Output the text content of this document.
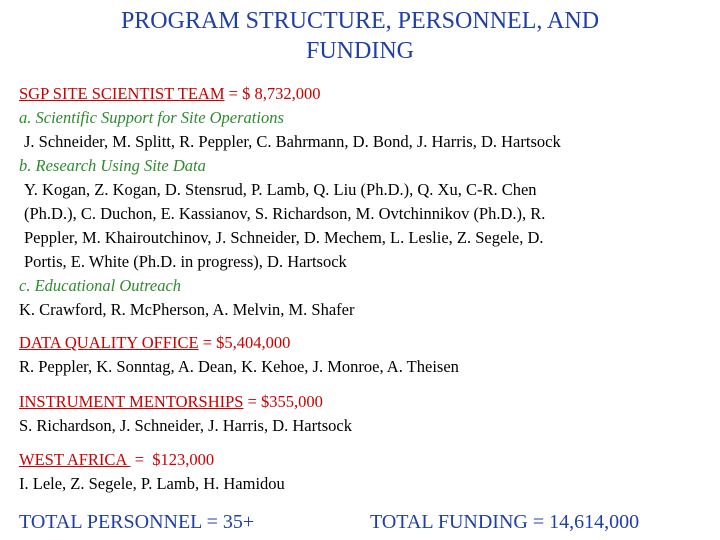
PROGRAM STRUCTURE, PERSONNEL, AND
FUNDING
SGP SITE SCIENTIST TEAM = $ 8,732,000
a. Scientific Support for Site Operations
J. Schneider, M. Splitt, R. Peppler, C. Bahrmann, D. Bond, J. Harris, D. Hartsock
b. Research Using Site Data
Y. Kogan, Z. Kogan, D. Stensrud, P. Lamb, Q. Liu (Ph.D.), Q. Xu, C-R. Chen
(Ph.D.), C. Duchon, E. Kassianov, S. Richardson, M. Ovtchinnikov (Ph.D.), R.
Peppler, M. Khairoutchinov, J. Schneider, D. Mechem, L. Leslie, Z. Segele, D.
Portis, E. White (Ph.D. in progress), D. Hartsock
c. Educational Outreach
K. Crawford, R. McPherson, A. Melvin, M. Shafer
DATA QUALITY OFFICE = $5,404,000
R. Peppler, K. Sonntag, A. Dean, K. Kehoe, J. Monroe, A. Theisen
INSTRUMENT MENTORSHIPS = $355,000
S. Richardson, J. Schneider, J. Harris, D. Hartsock
WEST AFRICA  =  $123,000
I. Lele, Z. Segele, P. Lamb, H. Hamidou
TOTAL PERSONNEL = 35+	TOTAL FUNDING = 14,614,000
